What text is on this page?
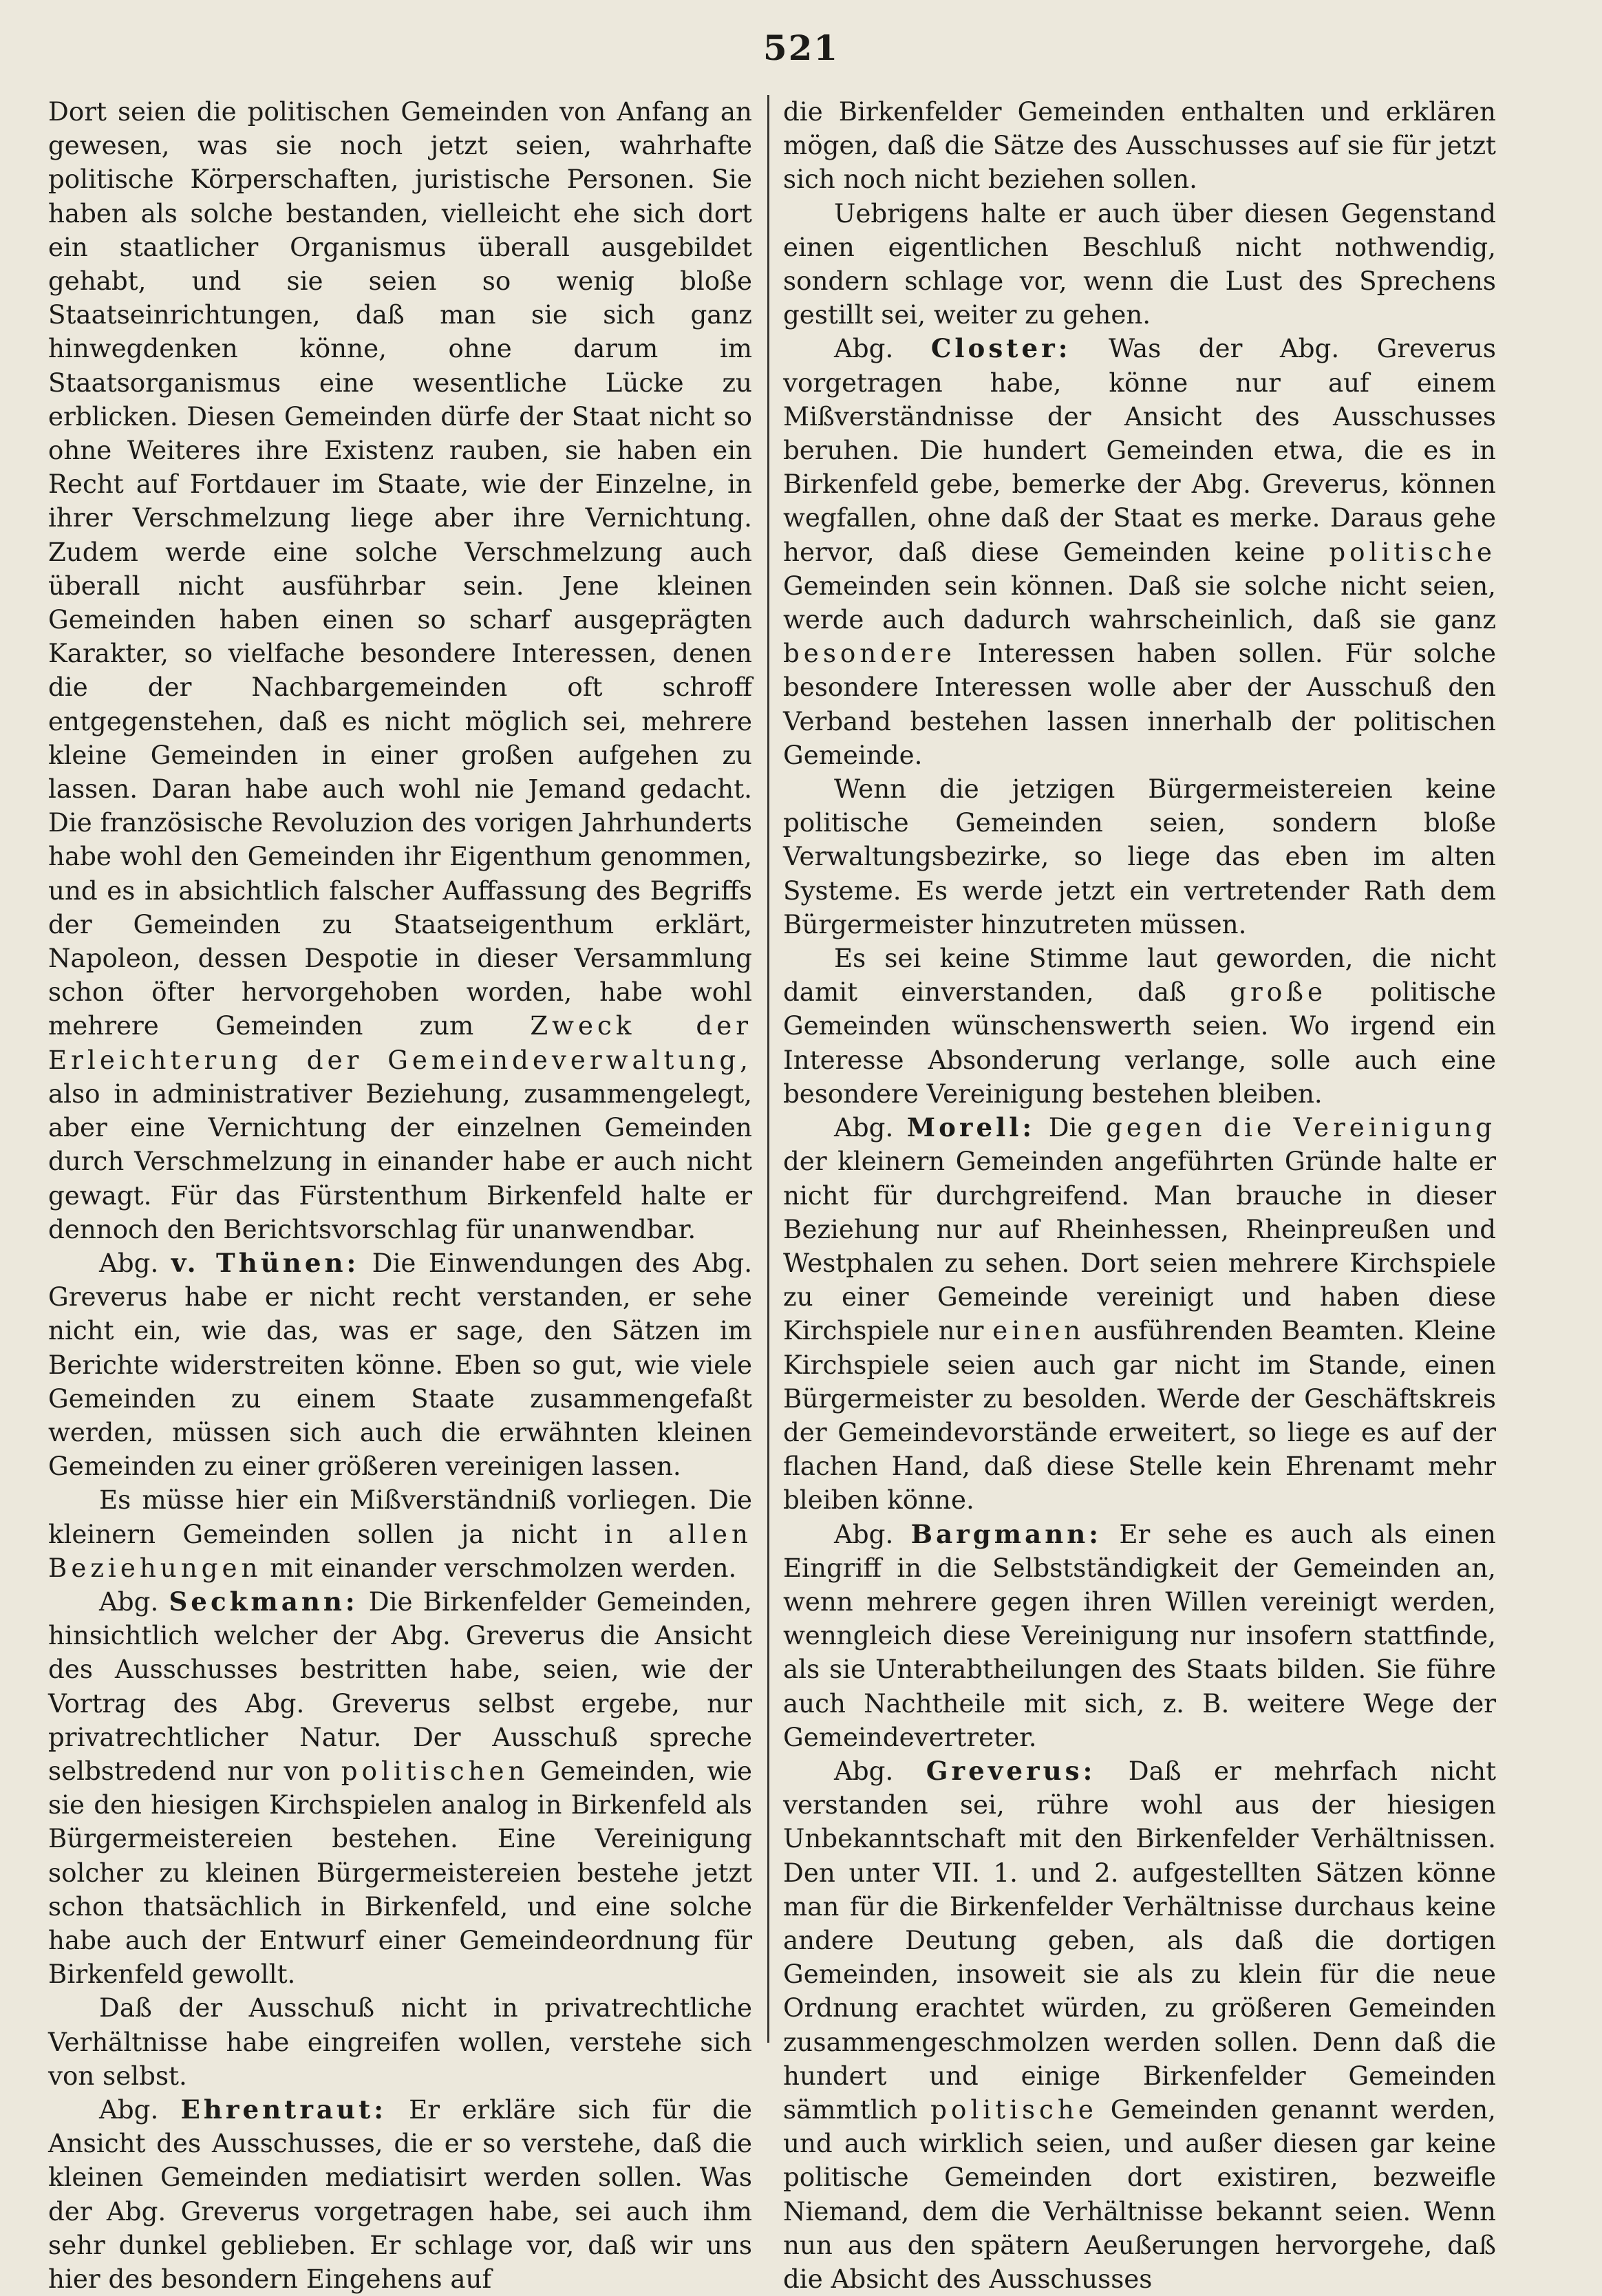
521

Dort seien die politischen Gemeinden von Anfang an gewesen, was sie noch jetzt seien, wahrhafte politische Körperschaften, juristische Personen. Sie haben als solche bestanden, vielleicht ehe sich dort ein staatlicher Organismus überall ausgebildet gehabt, und sie seien so wenig bloße Staatseinrichtungen, daß man sie sich ganz hinwegdenken könne, ohne darum im Staatsorganismus eine wesentliche Lücke zu erblicken. Diesen Gemeinden dürfe der Staat nicht so ohne Weiteres ihre Existenz rauben, sie haben ein Recht auf Fortdauer im Staate, wie der Einzelne, in ihrer Verschmelzung liege aber ihre Vernichtung. Zudem werde eine solche Verschmelzung auch überall nicht ausführbar sein. Jene kleinen Gemeinden haben einen so scharf ausgeprägten Karakter, so vielfache besondere Interessen, denen die der Nachbargemeinden oft schroff entgegenstehen, daß es nicht möglich sei, mehrere kleine Gemeinden in einer großen aufgehen zu lassen. Daran habe auch wohl nie Jemand gedacht. Die französische Revoluzion des vorigen Jahrhunderts habe wohl den Gemeinden ihr Eigenthum genommen, und es in absichtlich falscher Auffassung des Begriffs der Gemeinden zu Staatseigenthum erklärt, Napoleon, dessen Despotie in dieser Versammlung schon öfter hervorgehoben worden, habe wohl mehrere Gemeinden zum Zweck der Erleichterung der Gemeindeverwaltung, also in administrativer Beziehung, zusammengelegt, aber eine Vernichtung der einzelnen Gemeinden durch Verschmelzung in einander habe er auch nicht gewagt. Für das Fürstenthum Birkenfeld halte er dennoch den Berichtsvorschlag für unanwendbar.

Abg. v. Thünen: Die Einwendungen des Abg. Greverus habe er nicht recht verstanden, er sehe nicht ein, wie das, was er sage, den Sätzen im Berichte widerstreiten könne. Eben so gut, wie viele Gemeinden zu einem Staate zusammengefaßt werden, müssen sich auch die erwähnten kleinen Gemeinden zu einer größeren vereinigen lassen.

Es müsse hier ein Mißverständniß vorliegen. Die kleinern Gemeinden sollen ja nicht in allen Beziehungen mit einander verschmolzen werden.

Abg. Seckmann: Die Birkenfelder Gemeinden, hinsichtlich welcher der Abg. Greverus die Ansicht des Ausschusses bestritten habe, seien, wie der Vortrag des Abg. Greverus selbst ergebe, nur privatrechtlicher Natur. Der Ausschuß spreche selbstredend nur von politischen Gemeinden, wie sie den hiesigen Kirchspielen analog in Birkenfeld als Bürgermeistereien bestehen. Eine Vereinigung solcher zu kleinen Bürgermeistereien bestehe jetzt schon thatsächlich in Birkenfeld, und eine solche habe auch der Entwurf einer Gemeindeordnung für Birkenfeld gewollt.

Daß der Ausschuß nicht in privatrechtliche Verhältnisse habe eingreifen wollen, verstehe sich von selbst.

Abg. Ehrentraut: Er erkläre sich für die Ansicht des Ausschusses, die er so verstehe, daß die kleinen Gemeinden mediatisirt werden sollen. Was der Abg. Greverus vorgetragen habe, sei auch ihm sehr dunkel geblieben. Er schlage vor, daß wir uns hier des besondern Eingehens auf

die Birkenfelder Gemeinden enthalten und erklären mögen, daß die Sätze des Ausschusses auf sie für jetzt sich noch nicht beziehen sollen.

Uebrigens halte er auch über diesen Gegenstand einen eigentlichen Beschluß nicht nothwendig, sondern schlage vor, wenn die Lust des Sprechens gestillt sei, weiter zu gehen.

Abg. Closter: Was der Abg. Greverus vorgetragen habe, könne nur auf einem Mißverständnisse der Ansicht des Ausschusses beruhen. Die hundert Gemeinden etwa, die es in Birkenfeld gebe, bemerke der Abg. Greverus, können wegfallen, ohne daß der Staat es merke. Daraus gehe hervor, daß diese Gemeinden keine politische Gemeinden sein können. Daß sie solche nicht seien, werde auch dadurch wahrscheinlich, daß sie ganz besondere Interessen haben sollen. Für solche besondere Interessen wolle aber der Ausschuß den Verband bestehen lassen innerhalb der politischen Gemeinde.

Wenn die jetzigen Bürgermeistereien keine politische Gemeinden seien, sondern bloße Verwaltungsbezirke, so liege das eben im alten Systeme. Es werde jetzt ein vertretender Rath dem Bürgermeister hinzutreten müssen.

Es sei keine Stimme laut geworden, die nicht damit einverstanden, daß große politische Gemeinden wünschenswerth seien. Wo irgend ein Interesse Absonderung verlange, solle auch eine besondere Vereinigung bestehen bleiben.

Abg. Morell: Die gegen die Vereinigung der kleinern Gemeinden angeführten Gründe halte er nicht für durchgreifend. Man brauche in dieser Beziehung nur auf Rheinhessen, Rheinpreußen und Westphalen zu sehen. Dort seien mehrere Kirchspiele zu einer Gemeinde vereinigt und haben diese Kirchspiele nur einen ausführenden Beamten. Kleine Kirchspiele seien auch gar nicht im Stande, einen Bürgermeister zu besolden. Werde der Geschäftskreis der Gemeindevorstände erweitert, so liege es auf der flachen Hand, daß diese Stelle kein Ehrenamt mehr bleiben könne.

Abg. Bargmann: Er sehe es auch als einen Eingriff in die Selbstständigkeit der Gemeinden an, wenn mehrere gegen ihren Willen vereinigt werden, wenngleich diese Vereinigung nur insofern stattfinde, als sie Unterabtheilungen des Staats bilden. Sie führe auch Nachtheile mit sich, z. B. weitere Wege der Gemeindevertreter.

Abg. Greverus: Daß er mehrfach nicht verstanden sei, rühre wohl aus der hiesigen Unbekanntschaft mit den Birkenfelder Verhältnissen. Den unter VII. 1. und 2. aufgestellten Sätzen könne man für die Birkenfelder Verhältnisse durchaus keine andere Deutung geben, als daß die dortigen Gemeinden, insoweit sie als zu klein für die neue Ordnung erachtet würden, zu größeren Gemeinden zusammengeschmolzen werden sollen. Denn daß die hundert und einige Birkenfelder Gemeinden sämmtlich politische Gemeinden genannt werden, und auch wirklich seien, und außer diesen gar keine politische Gemeinden dort existiren, bezweifle Niemand, dem die Verhältnisse bekannt seien. Wenn nun aus den spätern Aeußerungen hervorgehe, daß die Absicht des Ausschusses
